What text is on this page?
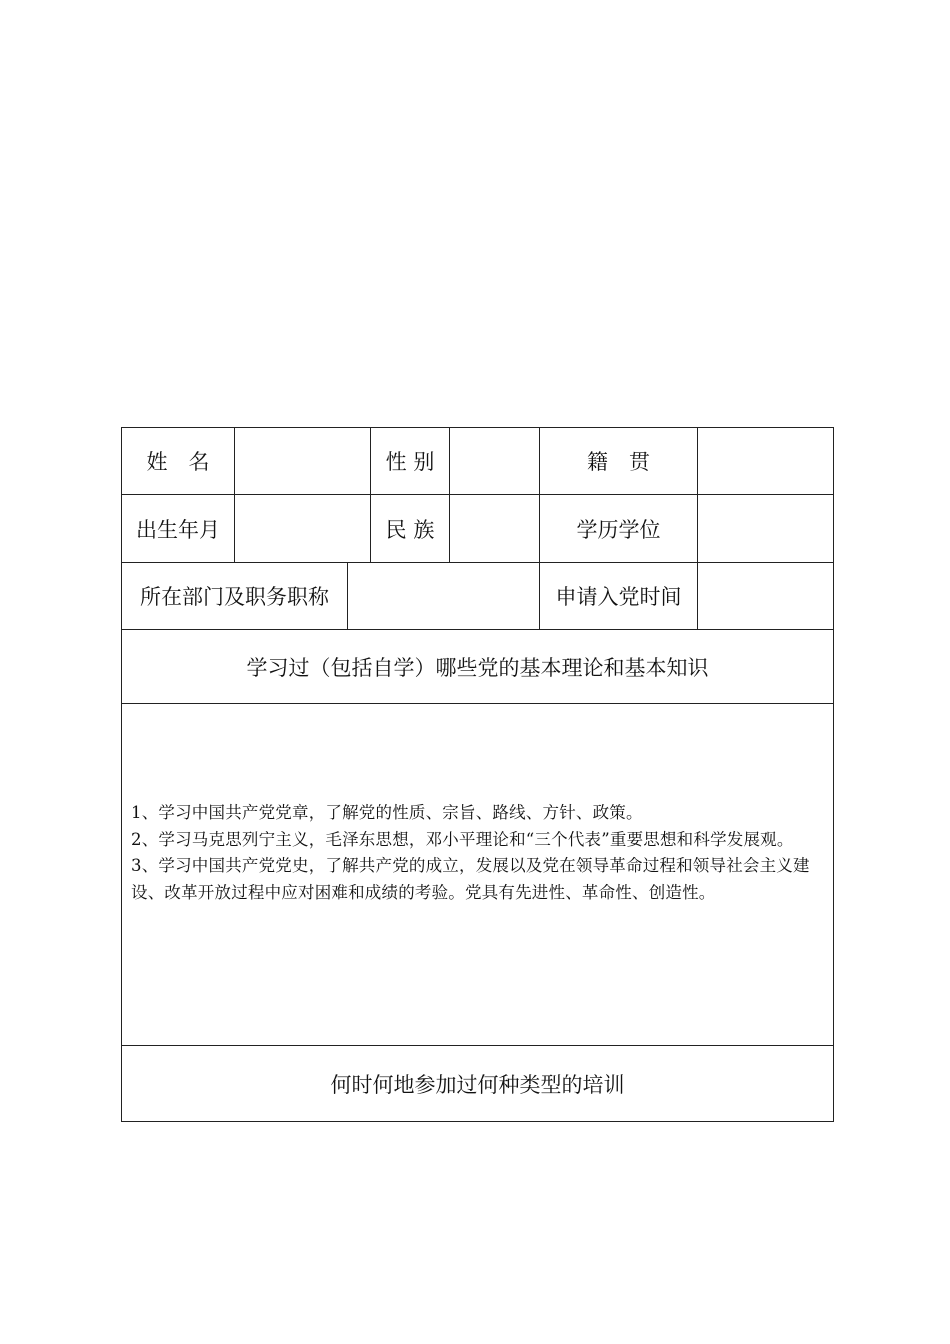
姓　名	性 别	籍　贯
出生年月	民 族	学历学位
所在部门及职务职称	申请入党时间
学习过（包括自学）哪些党的基本理论和基本知识
1、学习中国共产党党章，了解党的性质、宗旨、路线、方针、政策。
2、学习马克思列宁主义，毛泽东思想，邓小平理论和“三个代表”重要思想和科学发展观。
3、学习中国共产党党史，了解共产党的成立，发展以及党在领导革命过程和领导社会主义建设、改革开放过程中应对困难和成绩的考验。党具有先进性、革命性、创造性。
何时何地参加过何种类型的培训
